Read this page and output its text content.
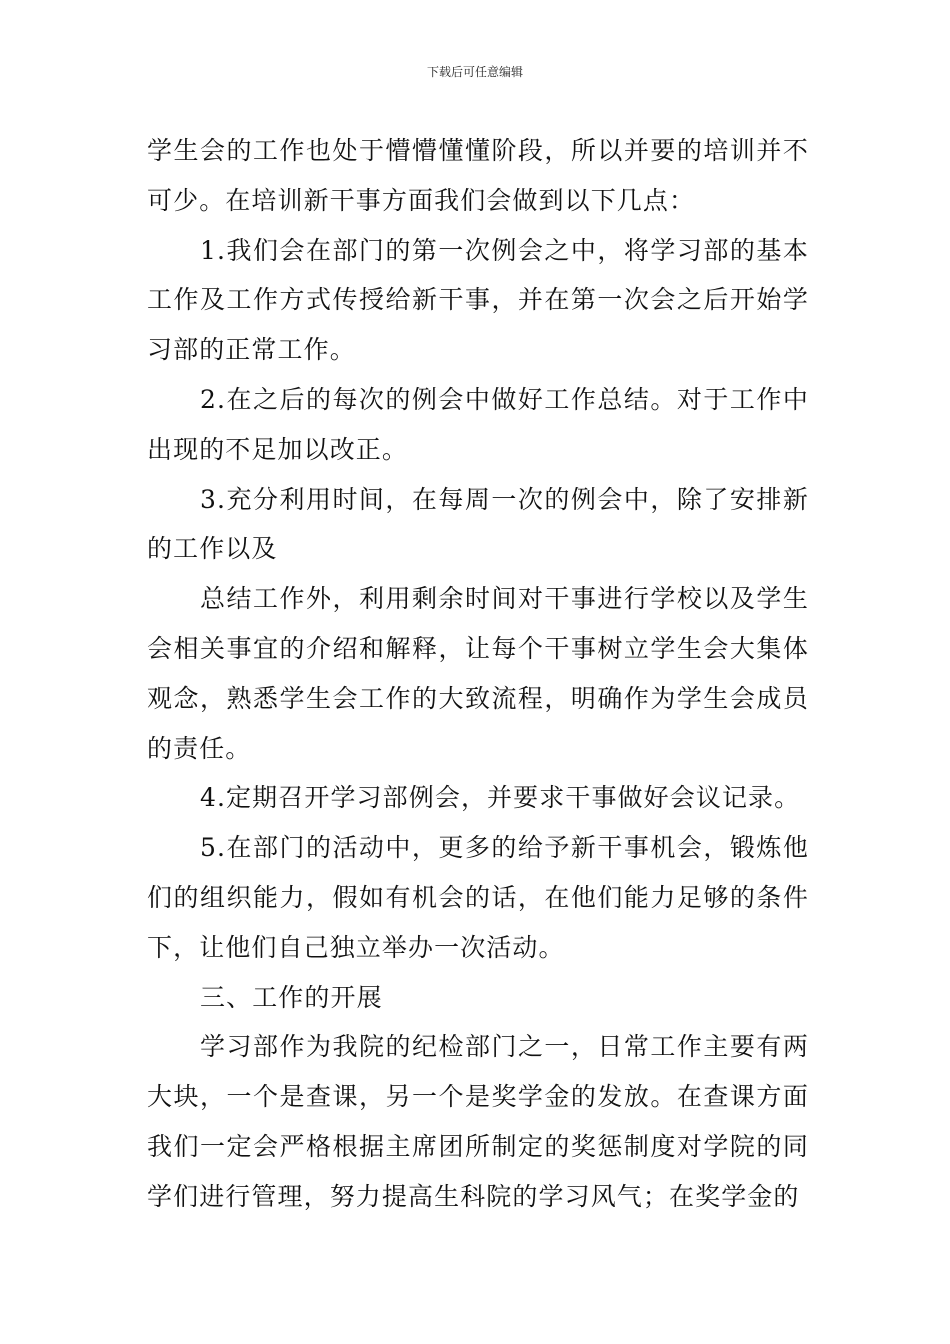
下载后可任意编辑

学生会的工作也处于懵懵懂懂阶段，所以并要的培训并不可少。在培训新干事方面我们会做到以下几点：

1.我们会在部门的第一次例会之中，将学习部的基本工作及工作方式传授给新干事，并在第一次会之后开始学习部的正常工作。

2.在之后的每次的例会中做好工作总结。对于工作中出现的不足加以改正。

3.充分利用时间，在每周一次的例会中，除了安排新的工作以及

总结工作外，利用剩余时间对干事进行学校以及学生会相关事宜的介绍和解释，让每个干事树立学生会大集体观念，熟悉学生会工作的大致流程，明确作为学生会成员的责任。

4.定期召开学习部例会，并要求干事做好会议记录。

5.在部门的活动中，更多的给予新干事机会，锻炼他们的组织能力，假如有机会的话，在他们能力足够的条件下，让他们自己独立举办一次活动。

三、工作的开展

学习部作为我院的纪检部门之一，日常工作主要有两大块，一个是查课，另一个是奖学金的发放。在查课方面我们一定会严格根据主席团所制定的奖惩制度对学院的同学们进行管理，努力提高生科院的学习风气；在奖学金的
